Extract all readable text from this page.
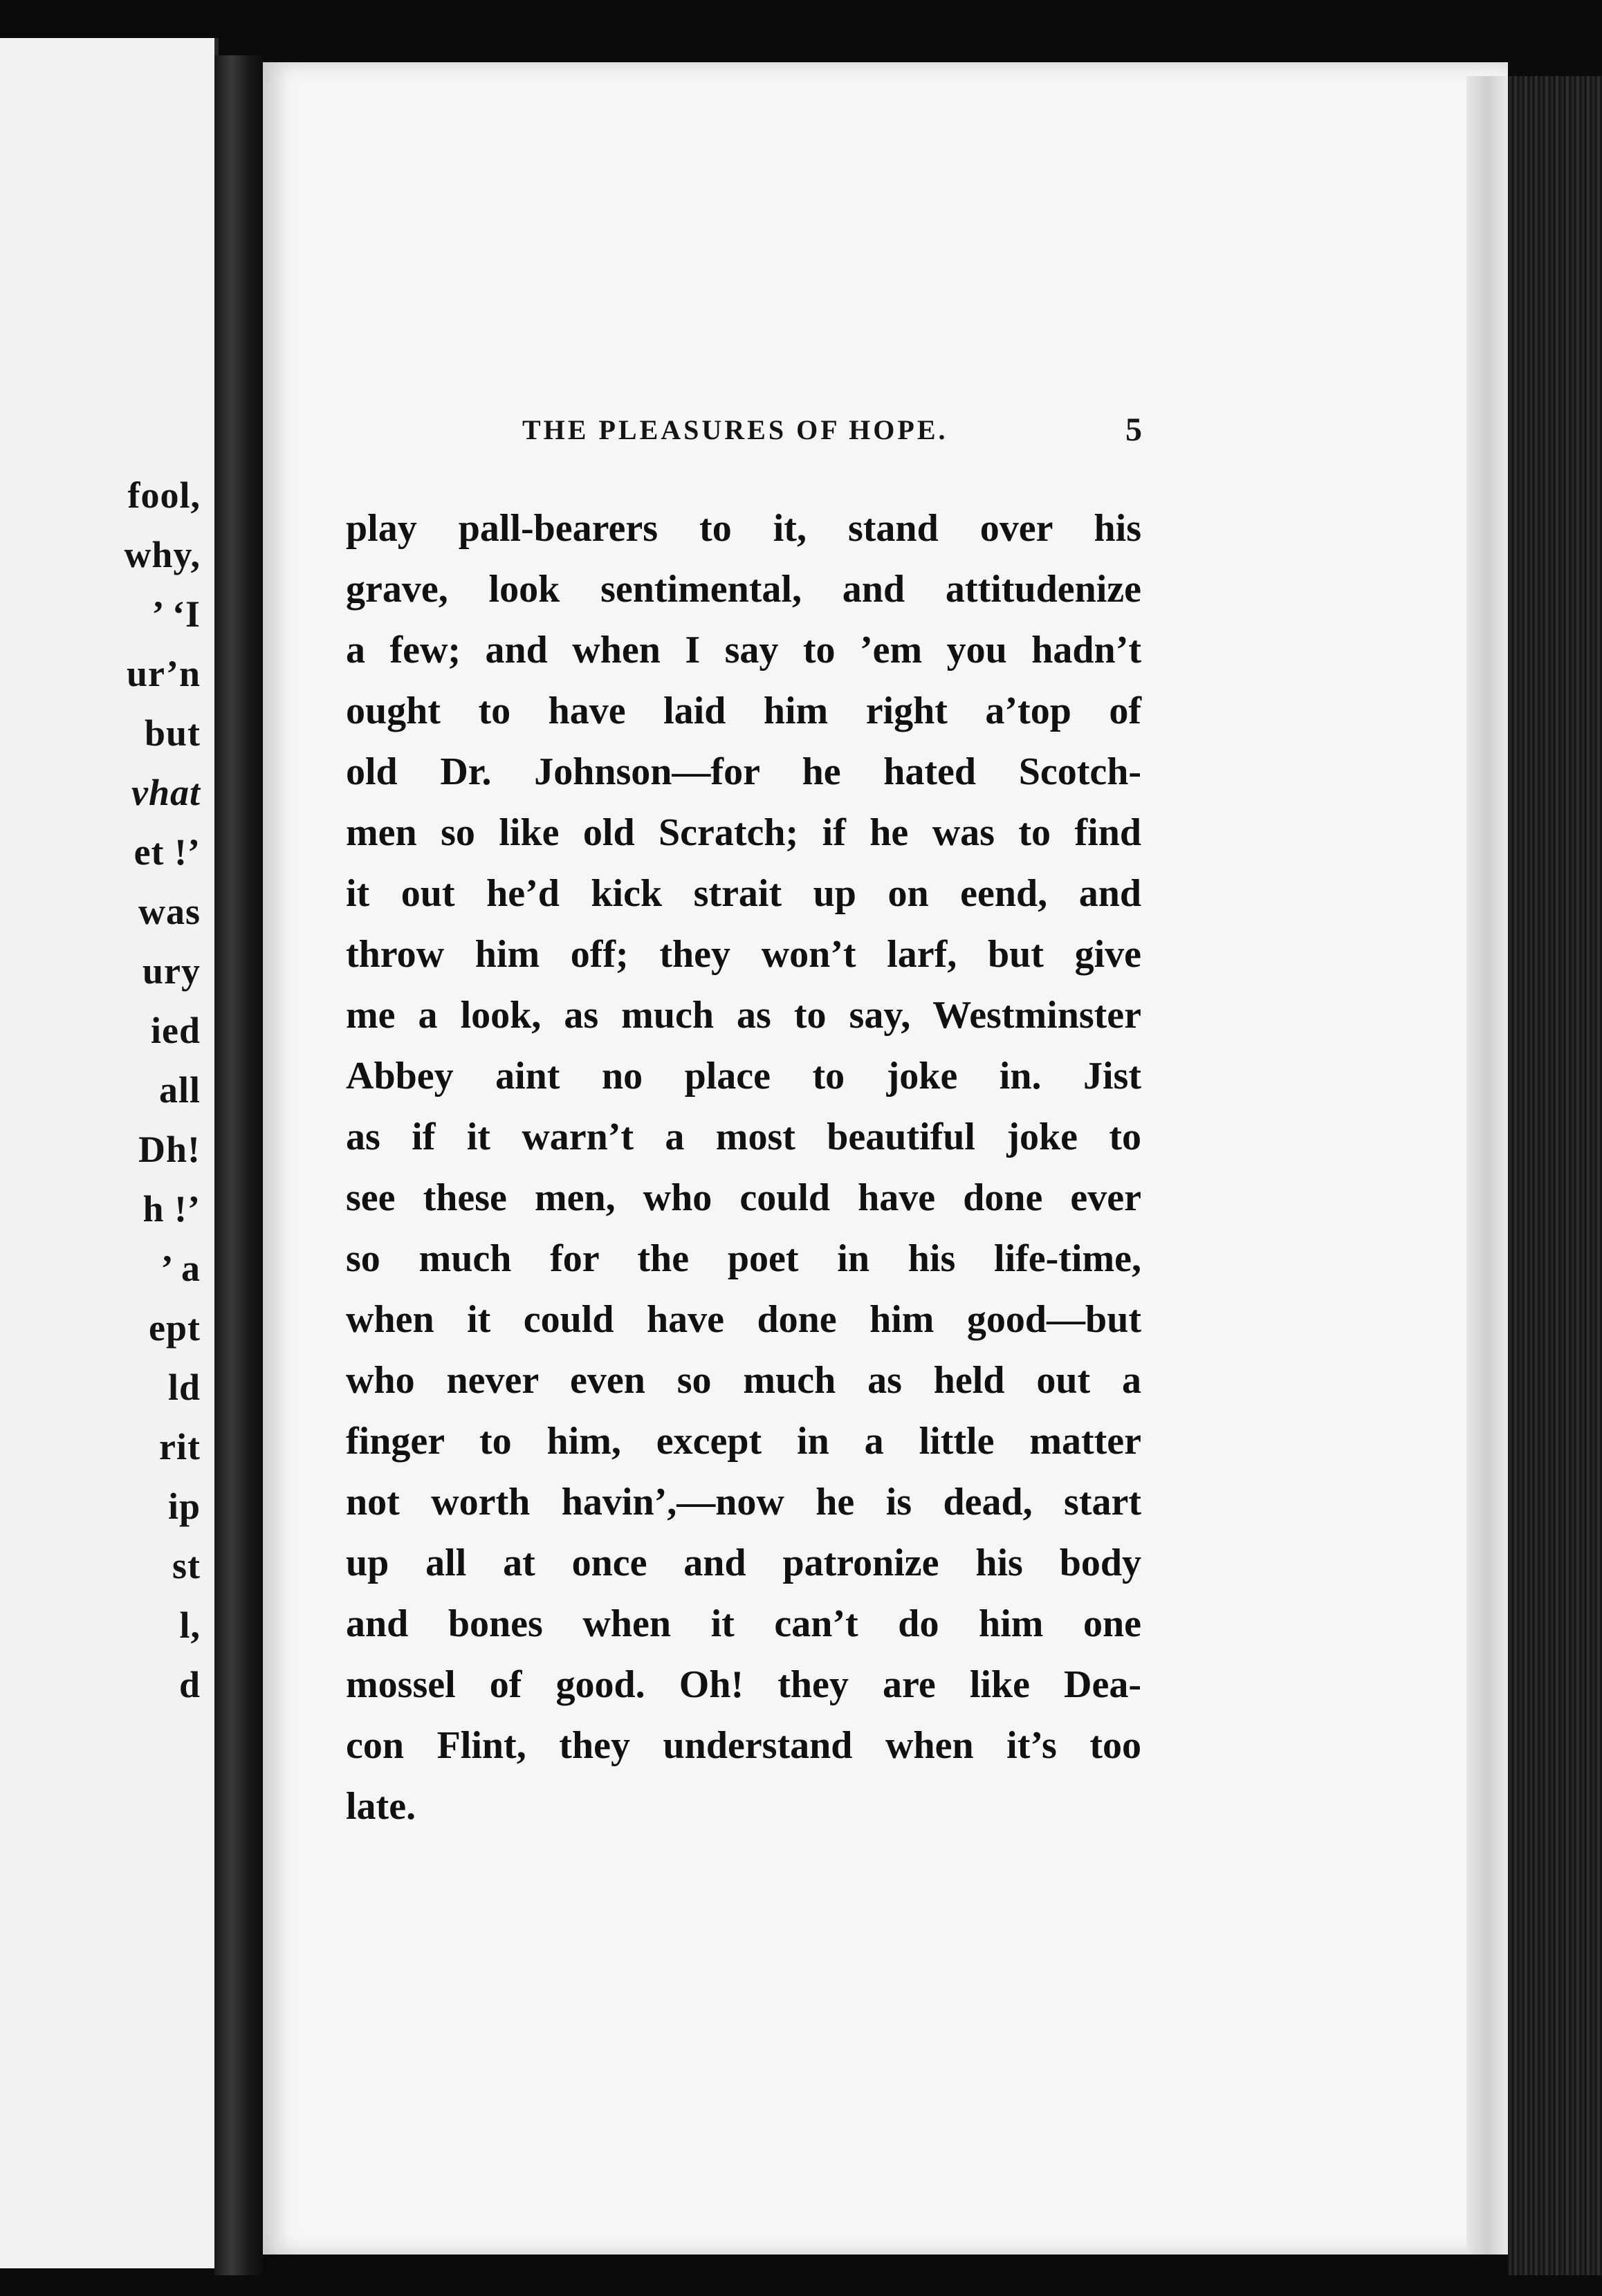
fool,
why,
’ ‘I
ur’n
but
vhat
et !’
was
ury
ied
all
Dh!
h !’
’ a
ept
ld
rit
ip
st
l,
d
THE PLEASURES OF HOPE.	5
play pall-bearers to it, stand over his
grave, look sentimental, and attitudenize
a few; and when I say to ’em you hadn’t
ought to have laid him right a’top of
old Dr. Johnson—for he hated Scotch-
men so like old Scratch; if he was to find
it out he’d kick strait up on eend, and
throw him off; they won’t larf, but give
me a look, as much as to say, Westminster
Abbey aint no place to joke in. Jist
as if it warn’t a most beautiful joke to
see these men, who could have done ever
so much for the poet in his life-time,
when it could have done him good—but
who never even so much as held out a
finger to him, except in a little matter
not worth havin’,—now he is dead, start
up all at once and patronize his body
and bones when it can’t do him one
mossel of good. Oh! they are like Dea-
con Flint, they understand when it’s too
late.
